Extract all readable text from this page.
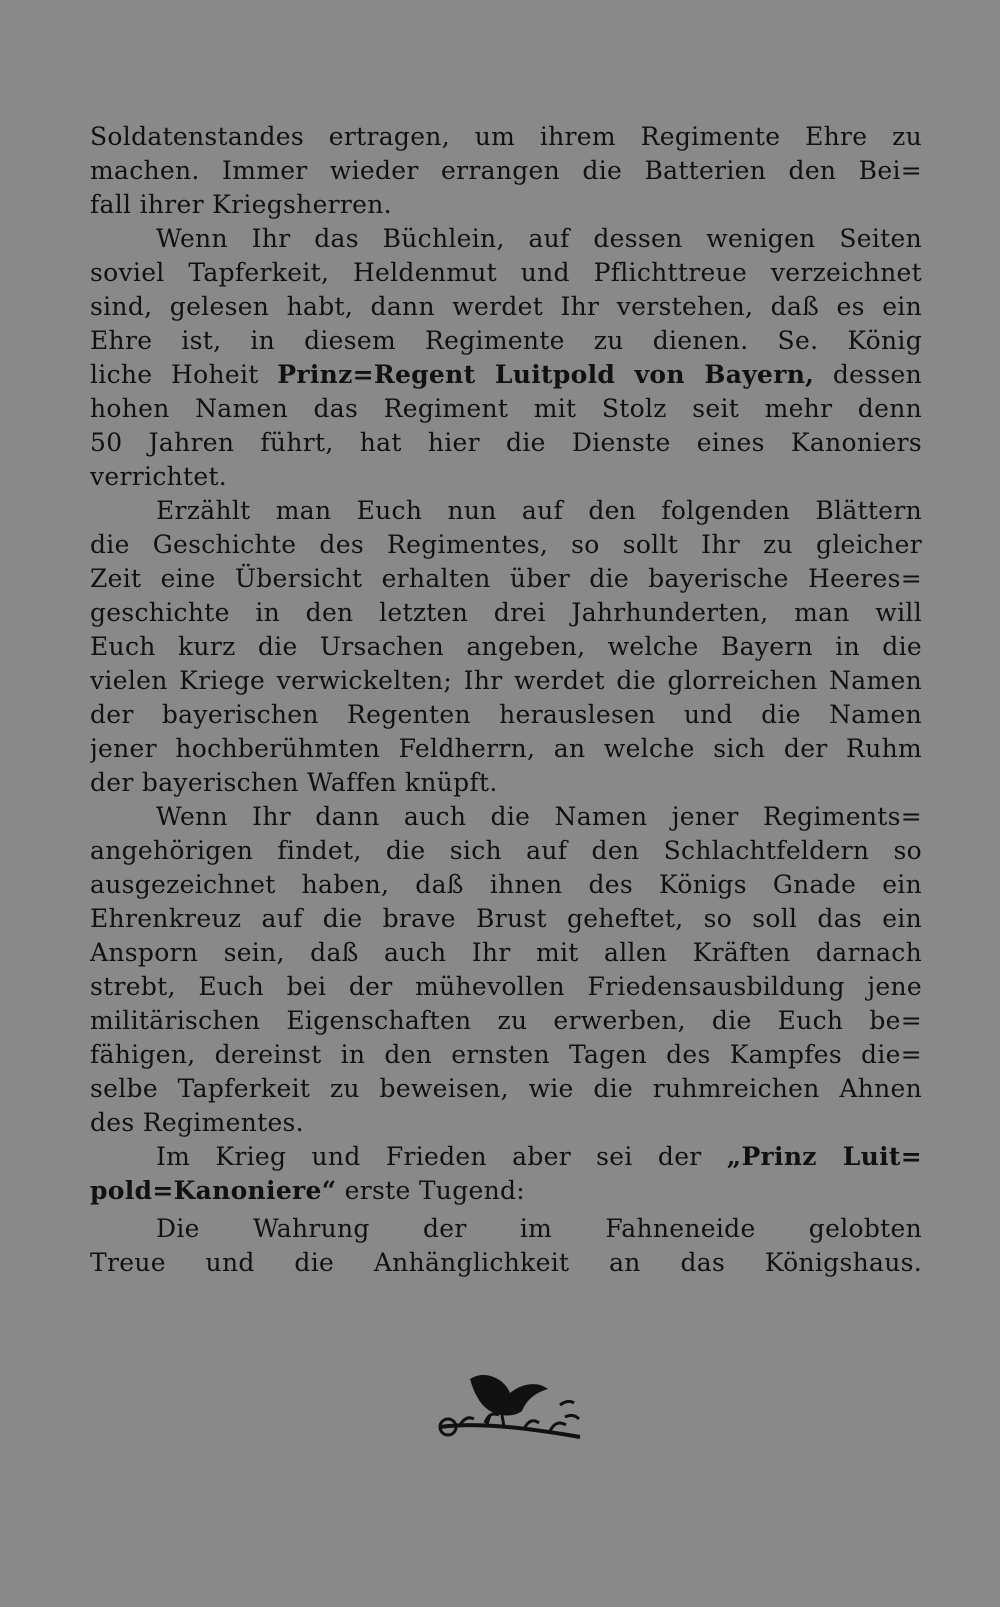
Soldatenstandes ertragen, um ihrem Regimente Ehre zu
machen. Immer wieder errangen die Batterien den Bei=
fall ihrer Kriegsherren.
Wenn Ihr das Büchlein, auf dessen wenigen Seiten
soviel Tapferkeit, Heldenmut und Pflichttreue verzeichnet
sind, gelesen habt, dann werdet Ihr verstehen, daß es ein
Ehre ist, in diesem Regimente zu dienen. Se. König
liche Hoheit Prinz=Regent Luitpold von Bayern, dessen
hohen Namen das Regiment mit Stolz seit mehr denn
50 Jahren führt, hat hier die Dienste eines Kanoniers
verrichtet.
Erzählt man Euch nun auf den folgenden Blättern
die Geschichte des Regimentes, so sollt Ihr zu gleicher
Zeit eine Übersicht erhalten über die bayerische Heeres=
geschichte in den letzten drei Jahrhunderten, man will
Euch kurz die Ursachen angeben, welche Bayern in die
vielen Kriege verwickelten; Ihr werdet die glorreichen Namen
der bayerischen Regenten herauslesen und die Namen
jener hochberühmten Feldherrn, an welche sich der Ruhm
der bayerischen Waffen knüpft.
Wenn Ihr dann auch die Namen jener Regiments=
angehörigen findet, die sich auf den Schlachtfeldern so
ausgezeichnet haben, daß ihnen des Königs Gnade ein
Ehrenkreuz auf die brave Brust geheftet, so soll das ein
Ansporn sein, daß auch Ihr mit allen Kräften darnach
strebt, Euch bei der mühevollen Friedensausbildung jene
militärischen Eigenschaften zu erwerben, die Euch be=
fähigen, dereinst in den ernsten Tagen des Kampfes die=
selbe Tapferkeit zu beweisen, wie die ruhmreichen Ahnen
des Regimentes.
Im Krieg und Frieden aber sei der „Prinz Luit=
pold=Kanoniere“ erste Tugend:
Die Wahrung der im Fahneneide gelobten
Treue und die Anhänglichkeit an das Königshaus.
